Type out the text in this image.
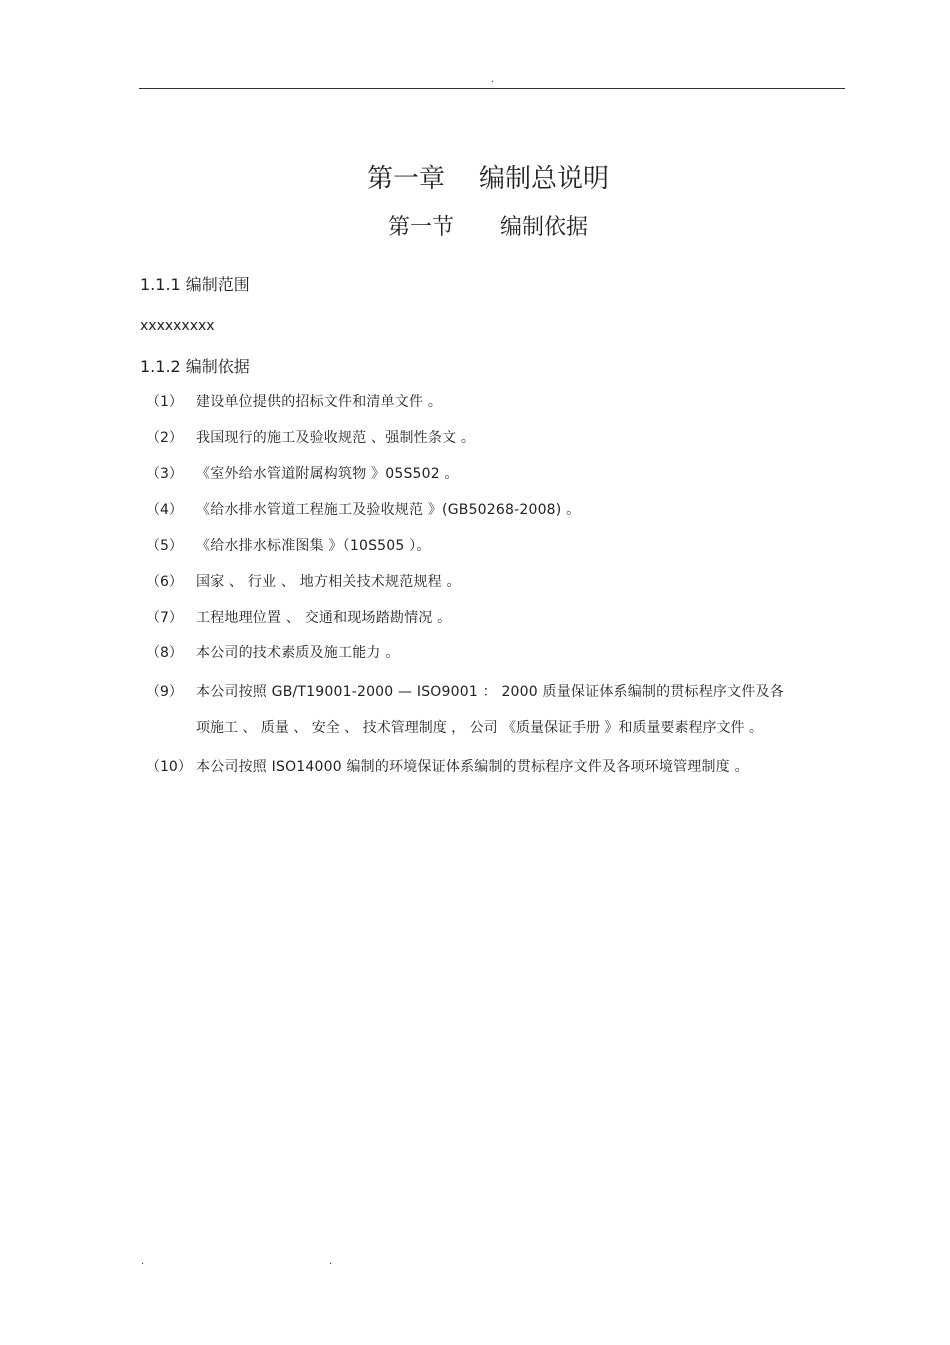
.
第一章 编制总说明
第一节 编制依据
1.1.1 编制范围
xxxxxxxxx
1.1.2 编制依据
（1） 建设单位提供的招标文件和清单文件 。
（2） 我国现行的施工及验收规范 、强制性条文 。
（3） 《室外给水管道附属构筑物 》05S502 。
（4） 《给水排水管道工程施工及验收规范 》(GB50268-2008) 。
（5） 《给水排水标准图集 》（10S505 ）。
（6） 国家 、 行业 、 地方相关技术规范规程 。
（7） 工程地理位置 、 交通和现场踏勘情况 。
（8） 本公司的技术素质及施工能力 。
（9） 本公司按照 GB/T19001-2000 — ISO9001 ： 2000 质量保证体系编制的贯标程序文件及各
项施工 、 质量 、 安全 、 技术管理制度 ， 公司 《质量保证手册 》和质量要素程序文件 。
（10） 本公司按照 ISO14000 编制的环境保证体系编制的贯标程序文件及各项环境管理制度 。
.	.
